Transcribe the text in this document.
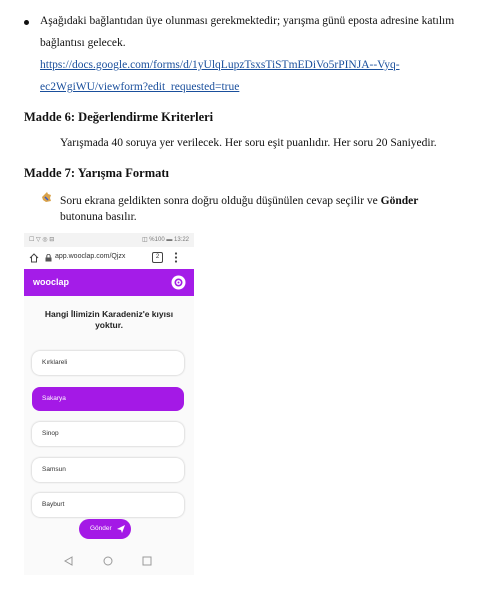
Aşağıdaki bağlantıdan üye olunması gerekmektedir; yarışma günü eposta adresine katılım
bağlantısı gelecek.
https://docs.google.com/forms/d/1yUlqLupzTsxsTiSTmEDiVo5rPINJA--Vyq-
ec2WgiWU/viewform?edit_requested=true
Madde 6: Değerlendirme Kriterleri
Yarışmada 40 soruya yer verilecek. Her soru eşit puanlıdır. Her soru 20 Saniyedir.
Madde 7: Yarışma Formatı
Soru ekrana geldikten sonra doğru olduğu düşünülen cevap seçilir ve Gönder
butonuna basılır.
☐ ▽ ◎ ⊟	◫ %100 ▬ 13:22
app.wooclap.com/Qjzx	2
wooclap
Hangi İlimizin Karadeniz'e kıyısı yoktur.
Kırklareli
Sakarya
Sinop
Samsun
Bayburt
Gönder
